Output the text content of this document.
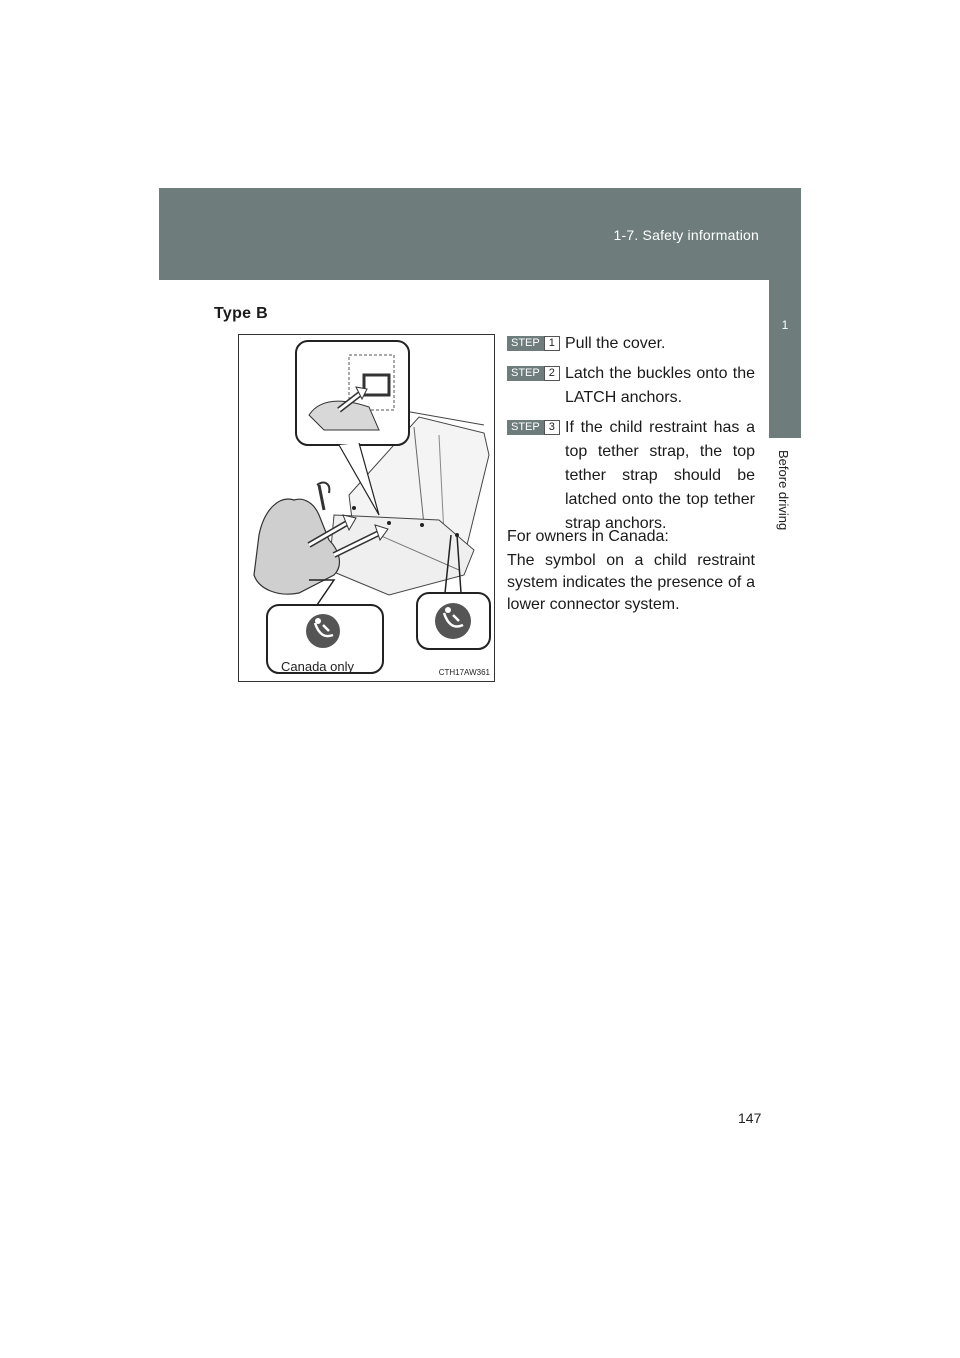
1-7. Safety information
1
Before driving
Type B
CTH17AW361
Canada only
STEP 1 Pull the cover.
STEP 2 Latch the buckles onto the LATCH anchors.
STEP 3 If the child restraint has a top tether strap, the top tether strap should be latched onto the top tether strap anchors.
For owners in Canada:
The symbol on a child restraint system indicates the presence of a lower connector system.
147
